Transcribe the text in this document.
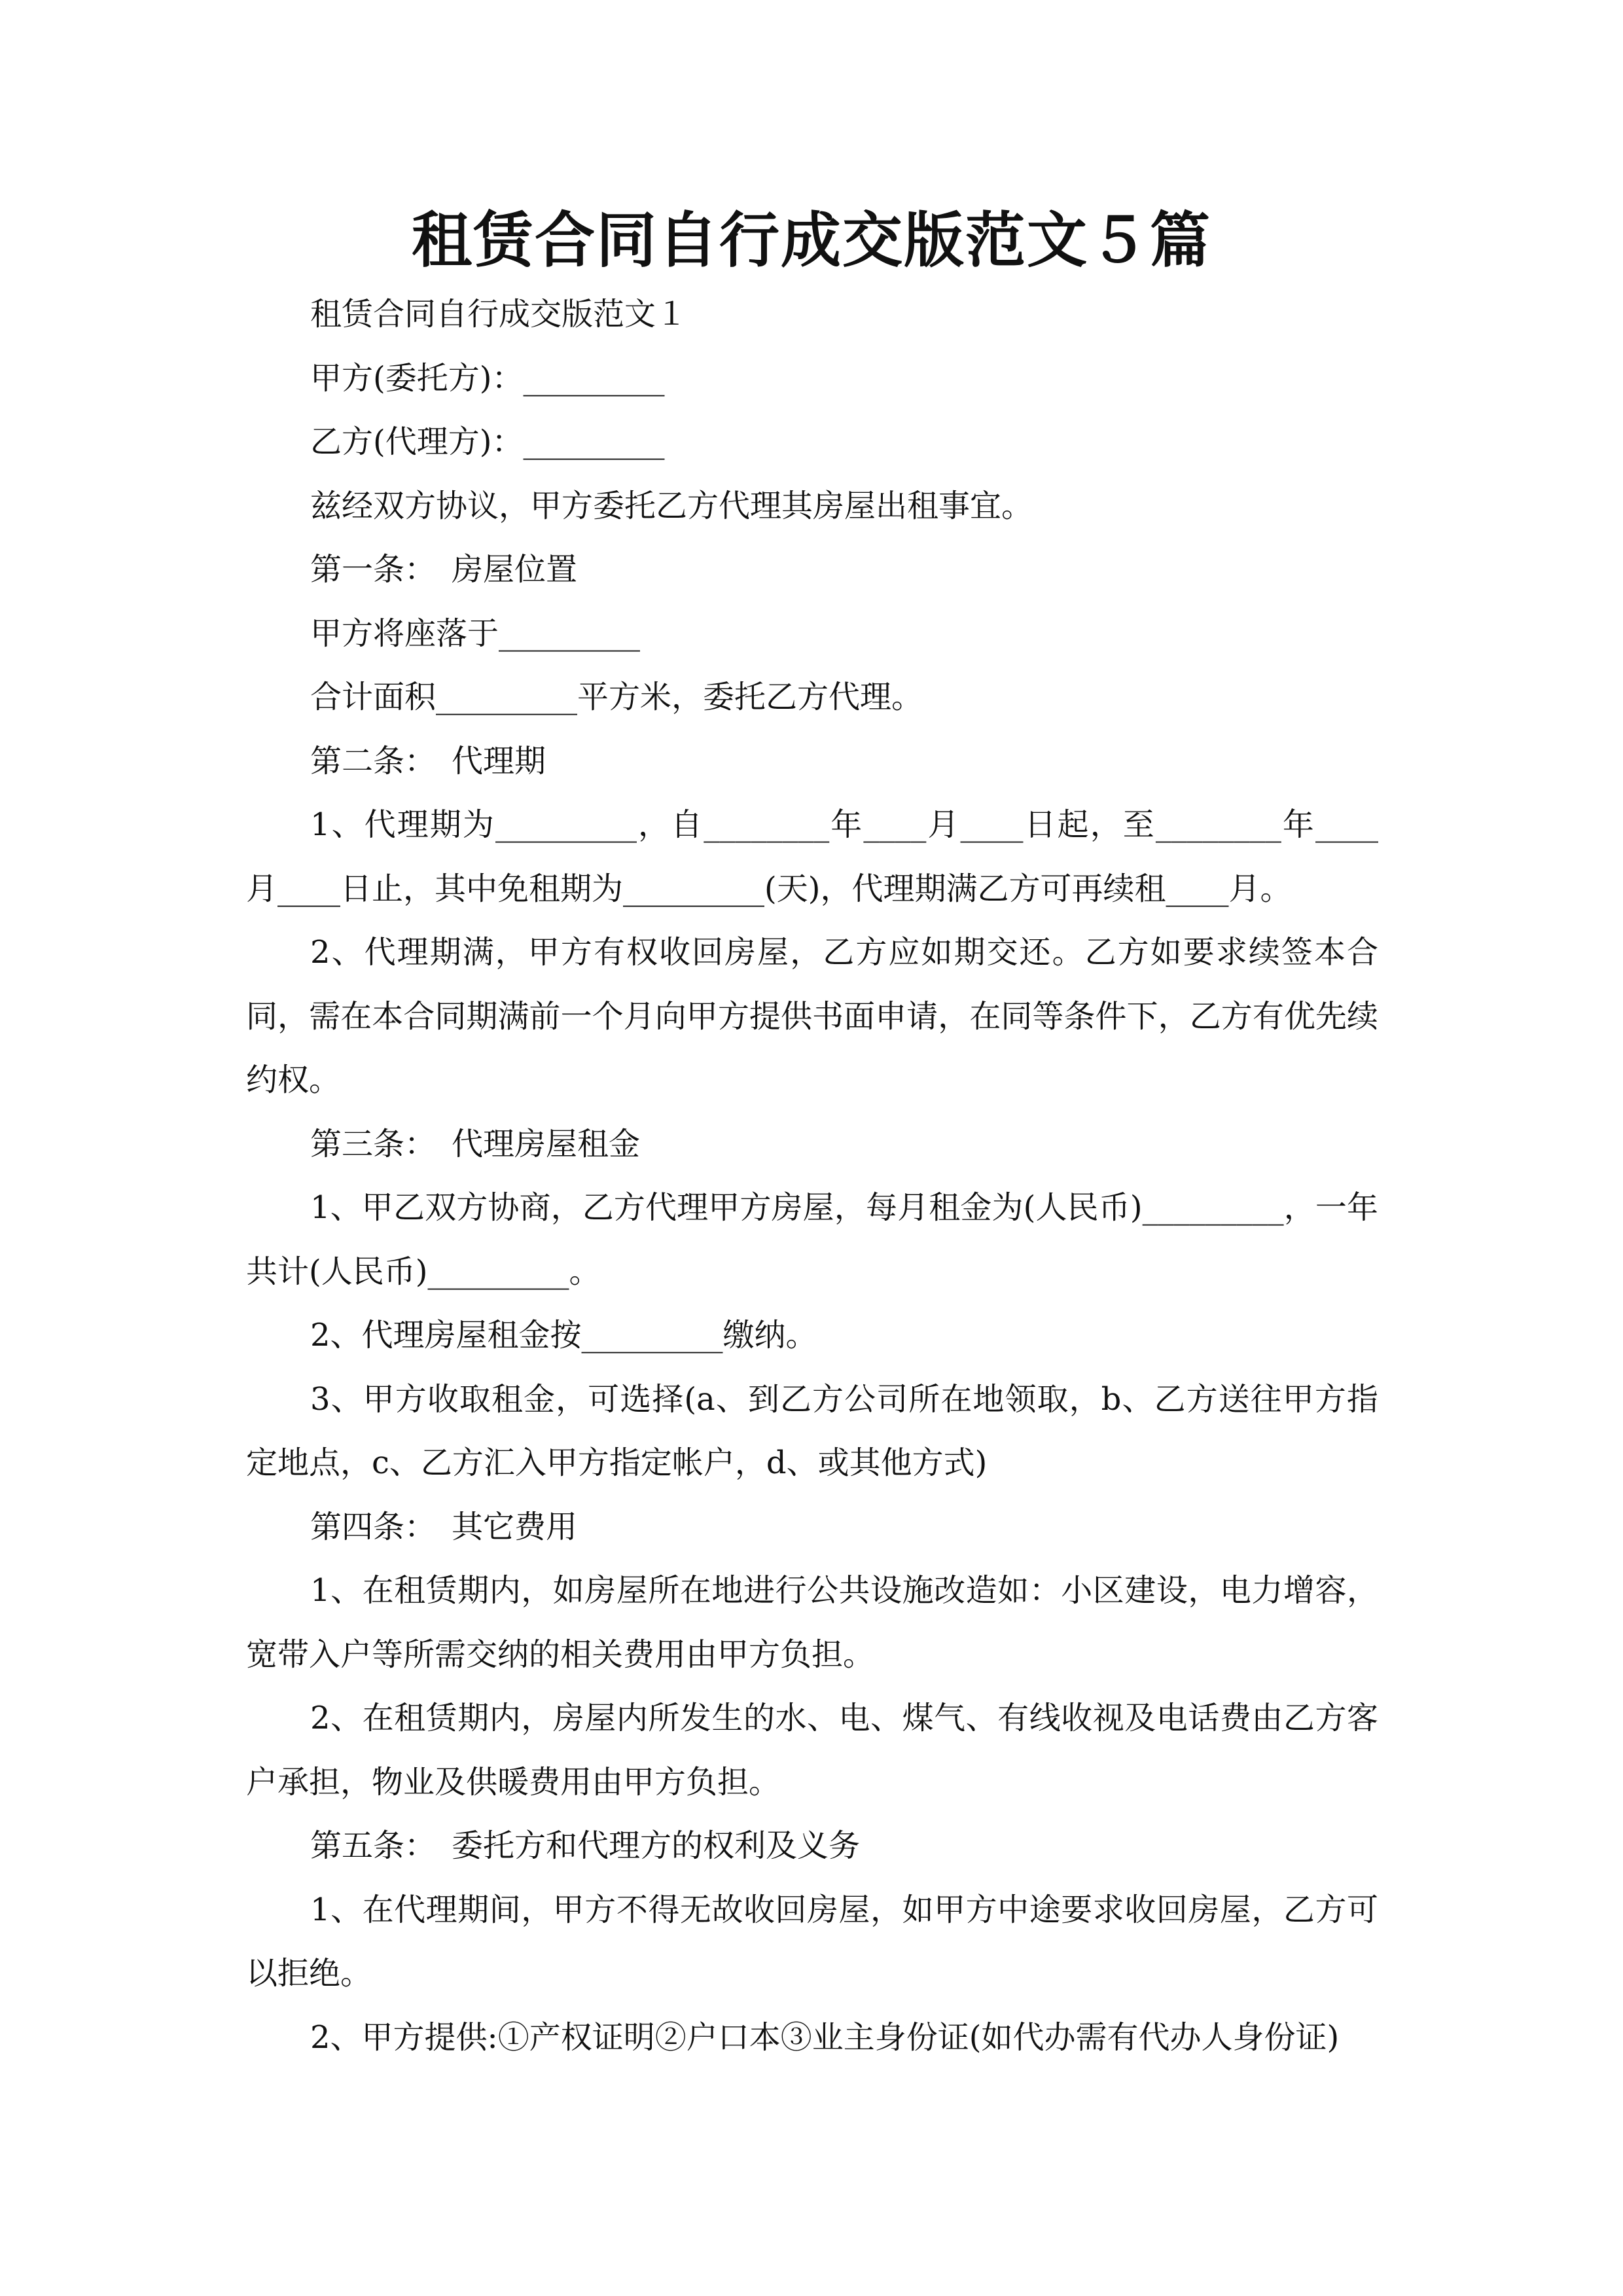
租赁合同自行成交版范文５篇

租赁合同自行成交版范文１

甲方(委托方)：_________

乙方(代理方)：_________

兹经双方协议，甲方委托乙方代理其房屋出租事宜。

第一条：　房屋位置

甲方将座落于_________

合计面积_________平方米，委托乙方代理。

第二条：　代理期

1、代理期为_________，自________年____月____日起，至________年____月____日止，其中免租期为_________(天)，代理期满乙方可再续租____月。

2、代理期满，甲方有权收回房屋，乙方应如期交还。乙方如要求续签本合同，需在本合同期满前一个月向甲方提供书面申请，在同等条件下，乙方有优先续约权。

第三条：　代理房屋租金

1、甲乙双方协商，乙方代理甲方房屋，每月租金为(人民币)_________，一年共计(人民币)_________。

2、代理房屋租金按_________缴纳。

3、甲方收取租金，可选择(a、到乙方公司所在地领取，b、乙方送往甲方指定地点，c、乙方汇入甲方指定帐户，d、或其他方式)

第四条：　其它费用

1、在租赁期内，如房屋所在地进行公共设施改造如：小区建设，电力增容，宽带入户等所需交纳的相关费用由甲方负担。

2、在租赁期内，房屋内所发生的水、电、煤气、有线收视及电话费由乙方客户承担，物业及供暖费用由甲方负担。

第五条：　委托方和代理方的权利及义务

1、在代理期间，甲方不得无故收回房屋，如甲方中途要求收回房屋，乙方可以拒绝。

2、甲方提供:①产权证明②户口本③业主身份证(如代办需有代办人身份证)
